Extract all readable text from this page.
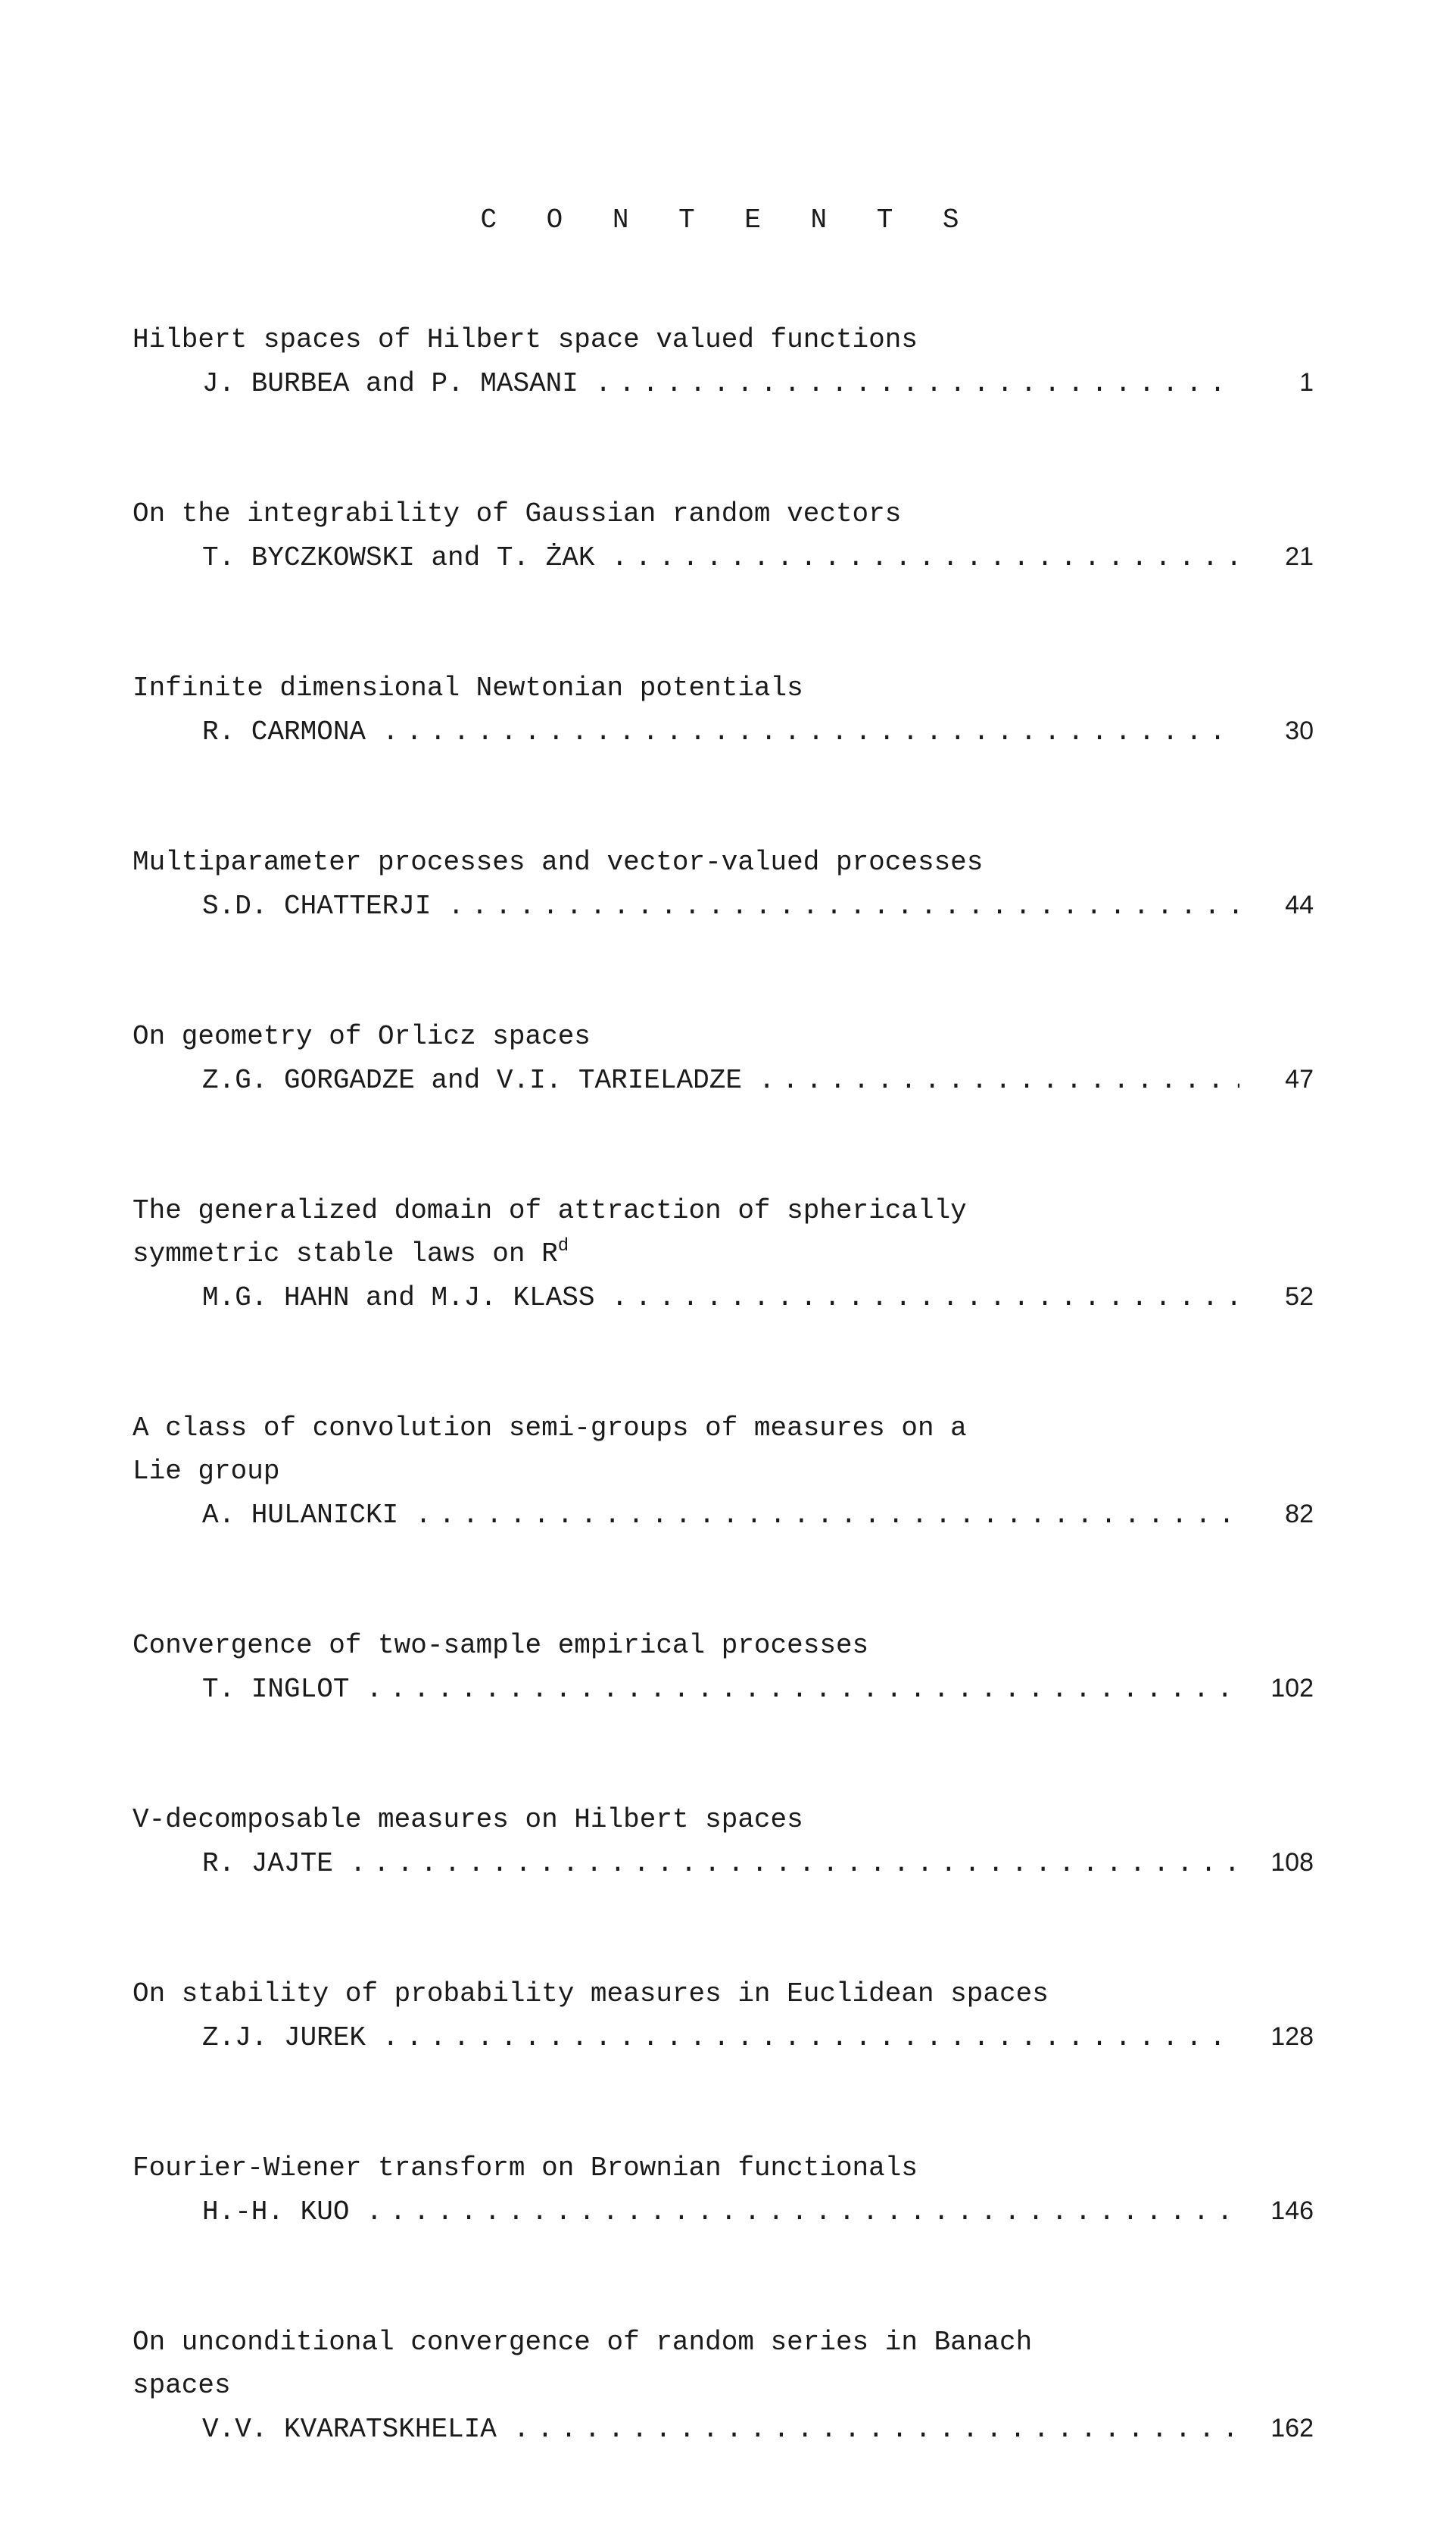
C O N T E N T S
Hilbert spaces of Hilbert space valued functions
J. BURBEA and P. MASANI . . .	1
On the integrability of Gaussian random vectors
T. BYCZKOWSKI and T. ŻAK . . .	21
Infinite dimensional Newtonian potentials
R. CARMONA . . .	30
Multiparameter processes and vector-valued processes
S.D. CHATTERJI . . .	44
On geometry of Orlicz spaces
Z.G. GORGADZE and V.I. TARIELADZE . . .	47
The generalized domain of attraction of spherically
symmetric stable laws on $R^d$
M.G. HAHN and M.J. KLASS . . .	52
A class of convolution semi-groups of measures on a
Lie group
A. HULANICKI . . .	82
Convergence of two-sample empirical processes
T. INGLOT . . .	102
V-decomposable measures on Hilbert spaces
R. JAJTE . . .	108
On stability of probability measures in Euclidean spaces
Z.J. JUREK . . .	128
Fourier-Wiener transform on Brownian functionals
H.-H. KUO . . .	146
On unconditional convergence of random series in Banach
spaces
V.V. KVARATSKHELIA . . .	162
